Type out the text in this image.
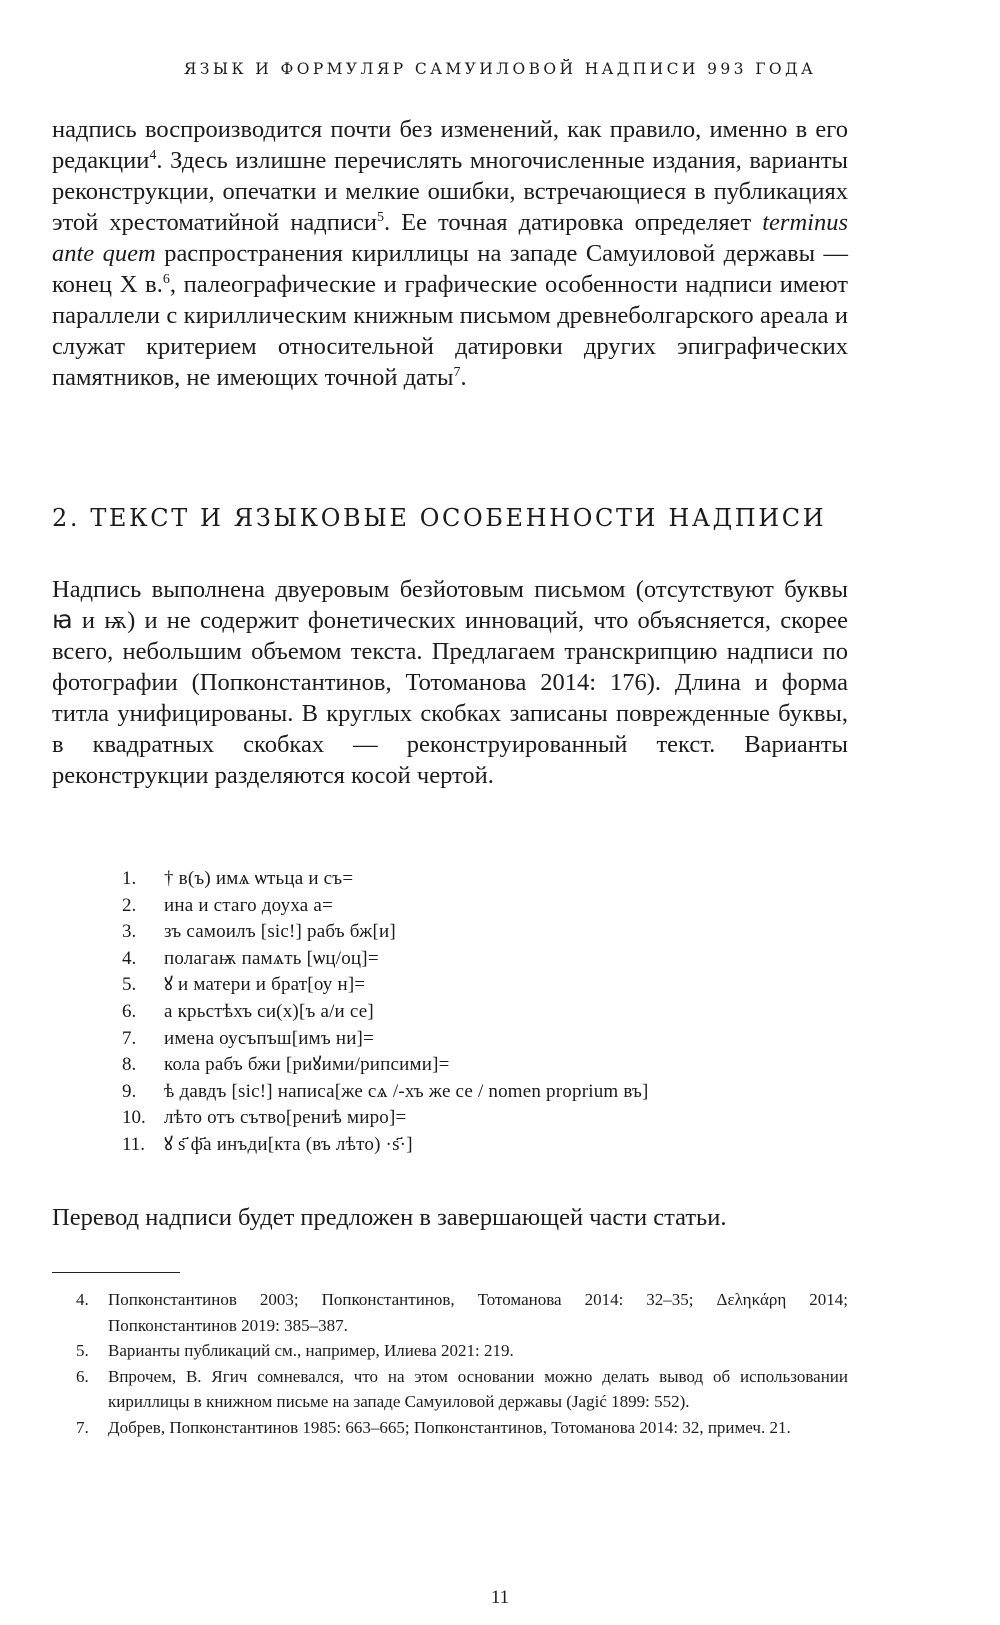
ЯЗЫК И ФОРМУЛЯР САМУИЛОВОЙ НАДПИСИ 993 ГОДА

надпись воспроизводится почти без изменений, как правило, именно в его редакции$^4$. Здесь излишне перечислять многочисленные издания, варианты реконструкции, опечатки и мелкие ошибки, встречающиеся в публикациях этой хрестоматийной надписи$^5$. Ее точная датировка определяет terminus ante quem распространения кириллицы на западе Самуиловой державы — конец X в.$^6$, палеографические и графические особенности надписи имеют параллели с кириллическим книжным письмом древнеболгарского ареала и служат критерием относительной датировки других эпиграфических памятников, не имеющих точной даты$^7$.

2. ТЕКСТ И ЯЗЫКОВЫЕ ОСОБЕННОСТИ НАДПИСИ

Надпись выполнена двуеровым безйотовым письмом (отсутствуют буквы ꙗ и ѭ) и не содержит фонетических инноваций, что объясняется, скорее всего, небольшим объемом текста. Предлагаем транскрипцию надписи по фотографии (Попконстантинов, Тотоманова 2014: 176). Длина и форма титла унифицированы. В круглых скобках записаны поврежденные буквы, в квадратных скобках — реконструированный текст. Варианты реконструкции разделяются косой чертой.

1. † в(ъ) имѧ ѡтьца и съ=
2. ина и стаго доуха а=
3. зъ самоилъ [sic!] рабъ бж[и]
4. полагаѭ памѧть [ѡц/оц]=
5. ꙋ и матери и брат[оу н]=
6. а крьстѣхъ си(х)[ъ а/и се]
7. имена оусъпъш[имъ ни]=
8. кола рабъ бжи [риꙋими/рипсими]=
9. ѣ давдъ [sic!] написа[же сѧ /-хъ же се / nomen proprium въ]
10. лѣто отъ сътво[рениѣ миро]=
11. ꙋ ѕ҃ ф҃а инъди[кта (въ лѣто) ·ѕ҃·]

Перевод надписи будет предложен в завершающей части статьи.

4. Попконстантинов 2003; Попконстантинов, Тотоманова 2014: 32–35; Δεληκάρη 2014; Попконстантинов 2019: 385–387.
5. Варианты публикаций см., например, Илиева 2021: 219.
6. Впрочем, В. Ягич сомневался, что на этом основании можно делать вывод об использовании кириллицы в книжном письме на западе Самуиловой державы (Jagić 1899: 552).
7. Добрев, Попконстантинов 1985: 663–665; Попконстантинов, Тотоманова 2014: 32, примеч. 21.
11
